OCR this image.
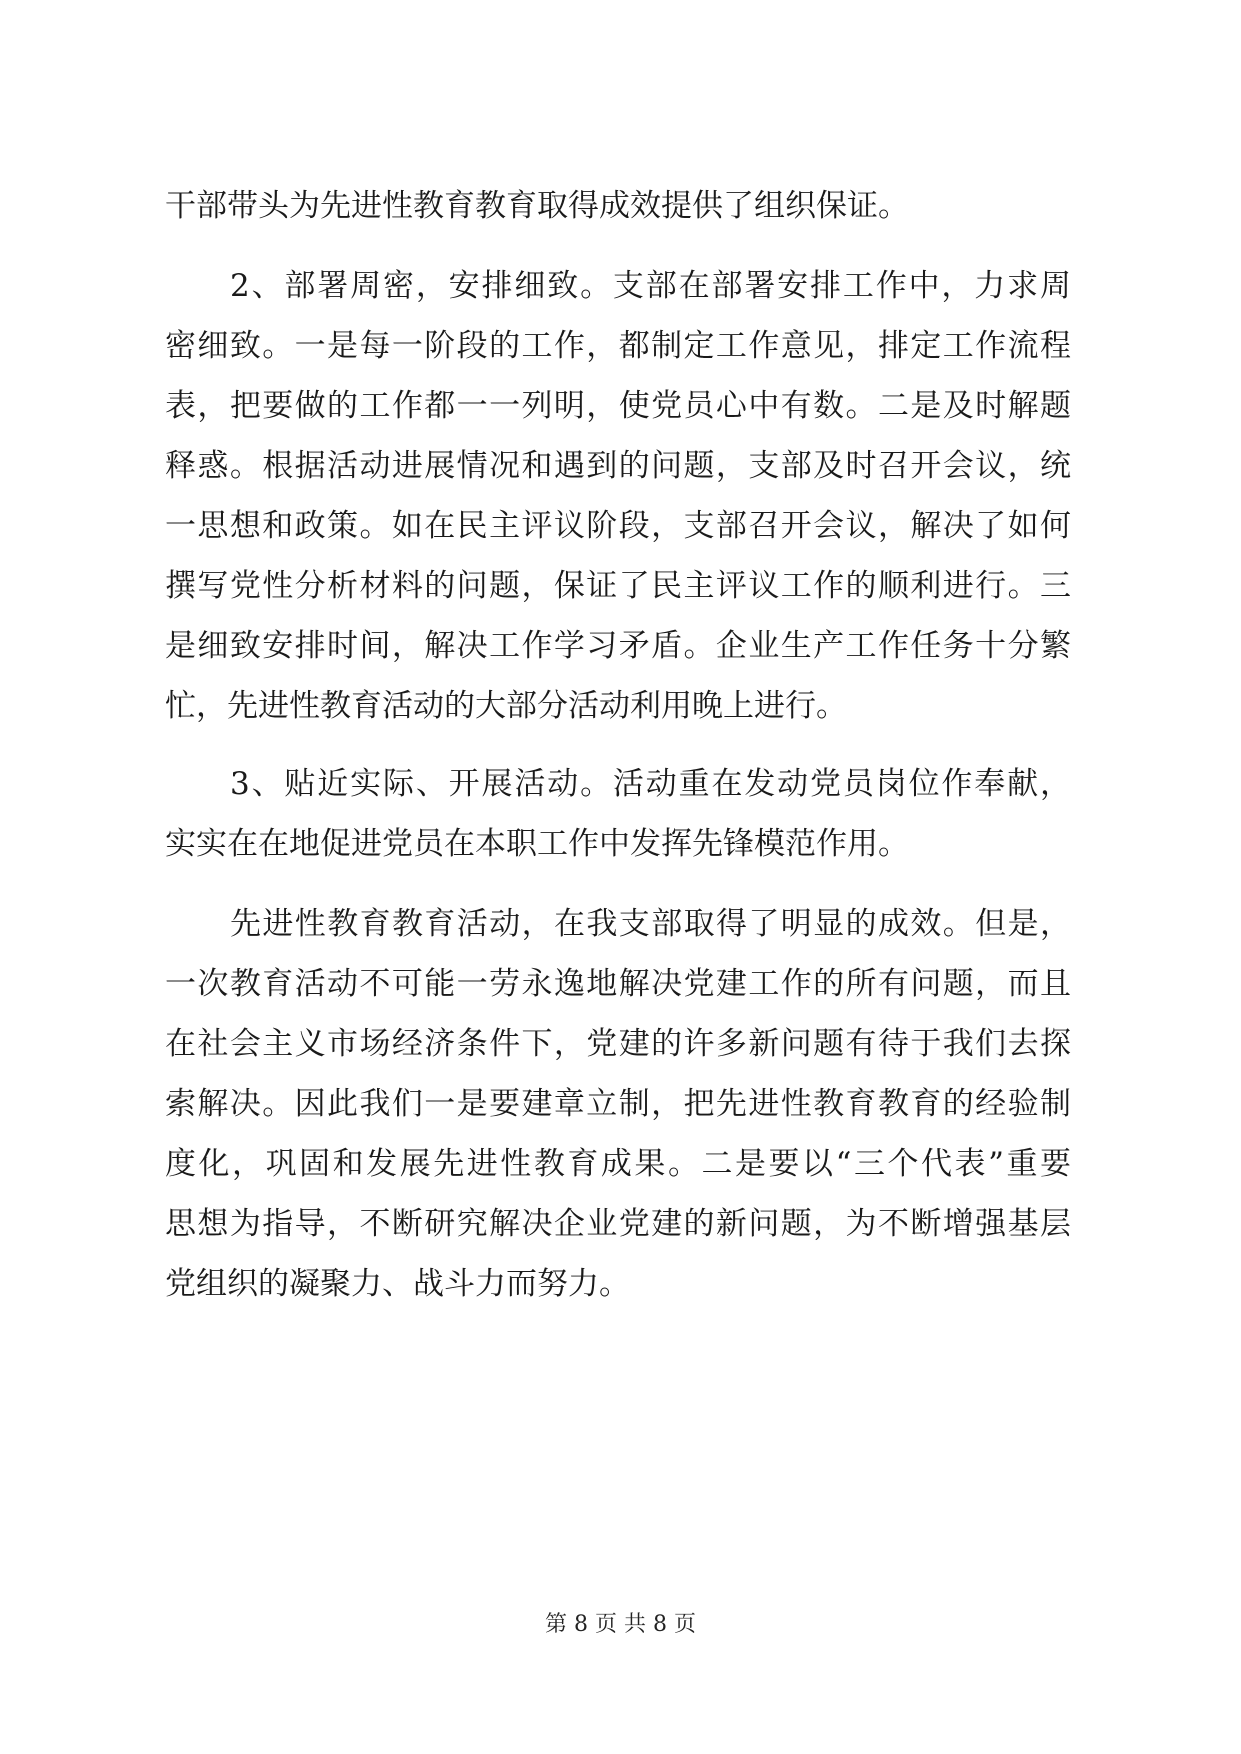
干部带头为先进性教育教育取得成效提供了组织保证。
2、部署周密，安排细致。支部在部署安排工作中，力求周
密细致。一是每一阶段的工作，都制定工作意见，排定工作流程
表，把要做的工作都一一列明，使党员心中有数。二是及时解题
释惑。根据活动进展情况和遇到的问题，支部及时召开会议，统
一思想和政策。如在民主评议阶段，支部召开会议，解决了如何
撰写党性分析材料的问题，保证了民主评议工作的顺利进行。三
是细致安排时间，解决工作学习矛盾。企业生产工作任务十分繁
忙，先进性教育活动的大部分活动利用晚上进行。
3、贴近实际、开展活动。活动重在发动党员岗位作奉献，
实实在在地促进党员在本职工作中发挥先锋模范作用。
先进性教育教育活动，在我支部取得了明显的成效。但是，
一次教育活动不可能一劳永逸地解决党建工作的所有问题，而且
在社会主义市场经济条件下，党建的许多新问题有待于我们去探
索解决。因此我们一是要建章立制，把先进性教育教育的经验制
度化，巩固和发展先进性教育成果。二是要以“三个代表”重要
思想为指导，不断研究解决企业党建的新问题，为不断增强基层
党组织的凝聚力、战斗力而努力。
第 8 页 共 8 页
